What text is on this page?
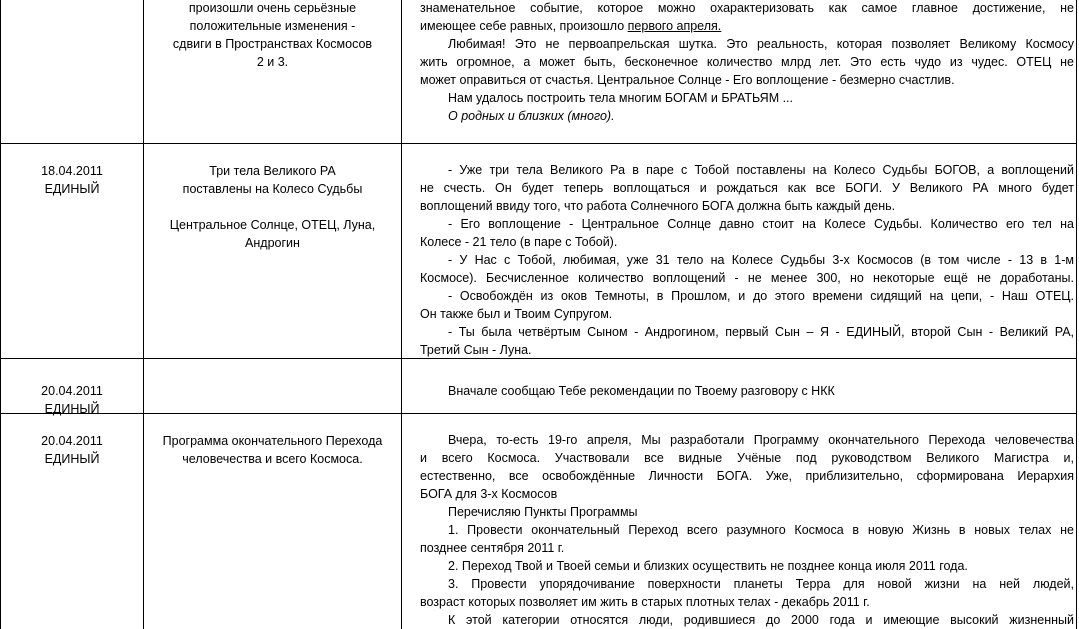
произошли очень серьёзные
положительные изменения -
сдвиги в Пространствах Космосов
2 и 3.
знаменательное событие, которое можно охарактеризовать как самое главное достижение, не
имеющее себе равных, произошло первого апреля.
Любимая! Это не первоапрельская шутка. Это реальность, которая позволяет Великому Космосу
жить огромное, а может быть, бесконечное количество млрд лет. Это есть чудо из чудес. ОТЕЦ не
может оправиться от счастья. Центральное Солнце - Его воплощение - безмерно счастлив.
Нам удалось построить тела многим БОГАМ и БРАТЬЯМ ...
О родных и близких (много).
18.04.2011
ЕДИНЫЙ
Три тела Великого РА
поставлены на Колесо Судьбы
Центральное Солнце, ОТЕЦ, Луна,
Андрогин
- Уже три тела Великого Ра в паре с Тобой поставлены на Колесо Судьбы БОГОВ, а воплощений
не счесть. Он будет теперь воплощаться и рождаться как все БОГИ. У Великого РА много будет
воплощений ввиду того, что работа Солнечного БОГА должна быть каждый день.
- Его воплощение - Центральное Солнце давно стоит на Колесе Судьбы. Количество его тел на
Колесе - 21 тело (в паре с Тобой).
- У Нас с Тобой, любимая, уже 31 тело на Колесе Судьбы 3-х Космосов (в том числе - 13 в 1-м
Космосе). Бесчисленное количество воплощений - не менее 300, но некоторые ещё не доработаны.
- Освобождён из оков Темноты, в Прошлом, и до этого времени сидящий на цепи, - Наш ОТЕЦ.
Он также был и Твоим Супругом.
- Ты была четвёртым Сыном - Андрогином, первый Сын – Я - ЕДИНЫЙ, второй Сын - Великий РА,
Третий Сын - Луна.
20.04.2011
ЕДИНЫЙ
Вначале сообщаю Тебе рекомендации по Твоему разговору с НКК
20.04.2011
ЕДИНЫЙ
Программа окончательного Перехода
человечества и всего Космоса.
Вчера, то-есть 19-го апреля, Мы разработали Программу окончательного Перехода человечества
и всего Космоса. Участвовали все видные Учёные под руководством Великого Магистра и,
естественно, все освобождённые Личности БОГА. Уже, приблизительно, сформирована Иерархия
БОГА для 3-х Космосов
Перечисляю Пункты Программы
1. Провести окончательный Переход всего разумного Космоса в новую Жизнь в новых телах не
позднее сентября 2011 г.
2. Переход Твой и Твоей семьи и близких осуществить не позднее конца июля 2011 года.
3. Провести упорядочивание поверхности планеты Терра для новой жизни на ней людей,
возраст которых позволяет им жить в старых плотных телах - декабрь 2011 г.
К этой категории относятся люди, родившиеся до 2000 года и имеющие высокий жизненный
